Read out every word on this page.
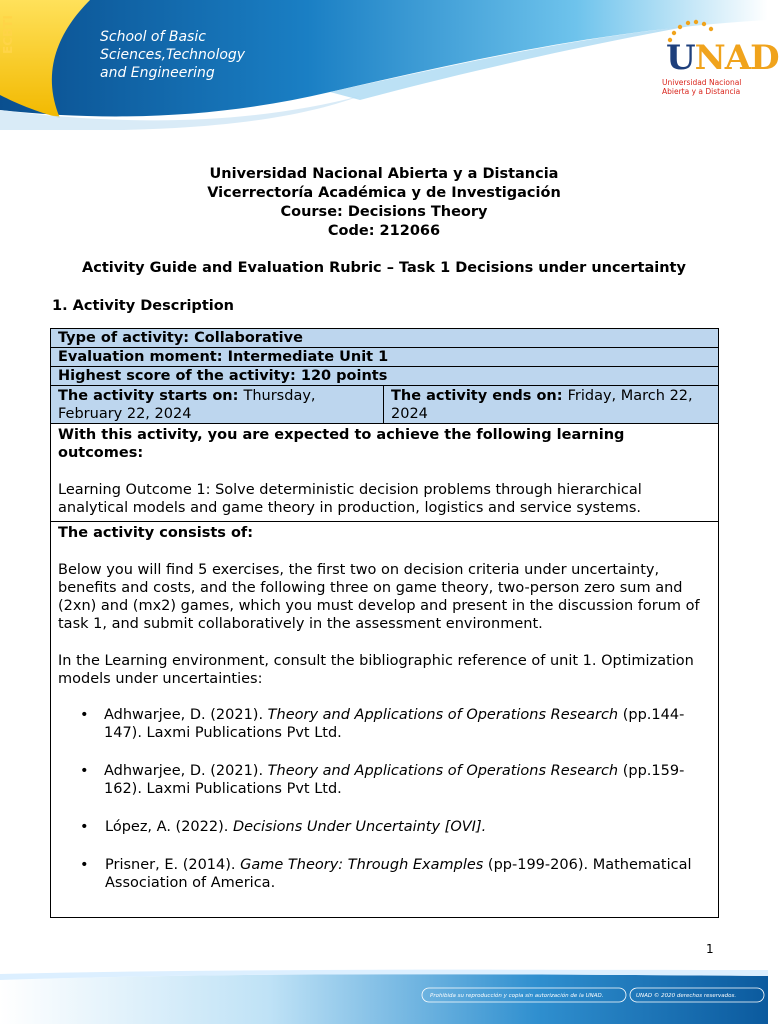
ECBTI	School of Basic
Sciences,Technology
and Engineering	UNAD
Universidad Nacional
Abierta y a Distancia
Universidad Nacional Abierta y a Distancia
Vicerrectoría Académica y de Investigación
Course: Decisions Theory
Code: 212066
Activity Guide and Evaluation Rubric – Task 1 Decisions under uncertainty
1. Activity Description
Type of activity: Collaborative
Evaluation moment: Intermediate Unit 1
Highest score of the activity: 120 points
The activity starts on: Thursday, February 22, 2024
The activity ends on: Friday, March 22, 2024
With this activity, you are expected to achieve the following learning outcomes:
Learning Outcome 1: Solve deterministic decision problems through hierarchical analytical models and game theory in production, logistics and service systems.
The activity consists of:
Below you will find 5 exercises, the first two on decision criteria under uncertainty, benefits and costs, and the following three on game theory, two-person zero sum and (2xn) and (mx2) games, which you must develop and present in the discussion forum of task 1, and submit collaboratively in the assessment environment.
In the Learning environment, consult the bibliographic reference of unit 1. Optimization models under uncertainties:
• Adhwarjee, D. (2021). Theory and Applications of Operations Research (pp.144-147). Laxmi Publications Pvt Ltd.
• Adhwarjee, D. (2021). Theory and Applications of Operations Research (pp.159-162). Laxmi Publications Pvt Ltd.
• López, A. (2022). Decisions Under Uncertainty [OVI].
• Prisner, E. (2014). Game Theory: Through Examples (pp-199-206). Mathematical Association of America.
1
Prohibida su reproducción y copia sin autorización de la UNAD.	UNAD © 2020 derechos reservados.
